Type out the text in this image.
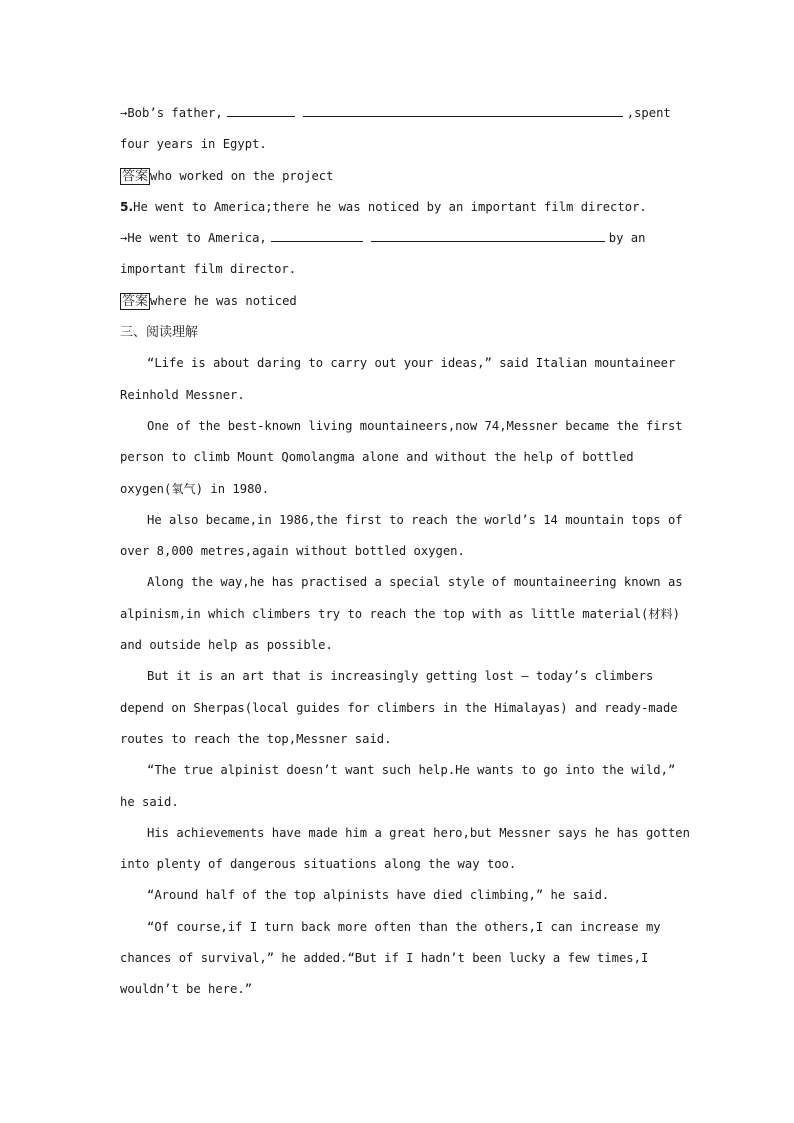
→Bob’s father,	,spent
four years in Egypt.
答案 who worked on the project
5.He went to America;there he was noticed by an important film director.
→He went to America,	by an
important film director.
答案 where he was noticed
三、阅读理解
“Life is about daring to carry out your ideas,” said Italian mountaineer
Reinhold Messner.
One of the best-known living mountaineers,now 74,Messner became the first
person to climb Mount Qomolangma alone and without the help of bottled
oxygen(氧气) in 1980.
He also became,in 1986,the first to reach the world’s 14 mountain tops of
over 8,000 metres,again without bottled oxygen.
Along the way,he has practised a special style of mountaineering known as
alpinism,in which climbers try to reach the top with as little material(材料)
and outside help as possible.
But it is an art that is increasingly getting lost — today’s climbers
depend on Sherpas(local guides for climbers in the Himalayas) and ready-made
routes to reach the top,Messner said.
“The true alpinist doesn’t want such help.He wants to go into the wild,”
he said.
His achievements have made him a great hero,but Messner says he has gotten
into plenty of dangerous situations along the way too.
“Around half of the top alpinists have died climbing,” he said.
“Of course,if I turn back more often than the others,I can increase my
chances of survival,” he added.“But if I hadn’t been lucky a few times,I
wouldn’t be here.”
